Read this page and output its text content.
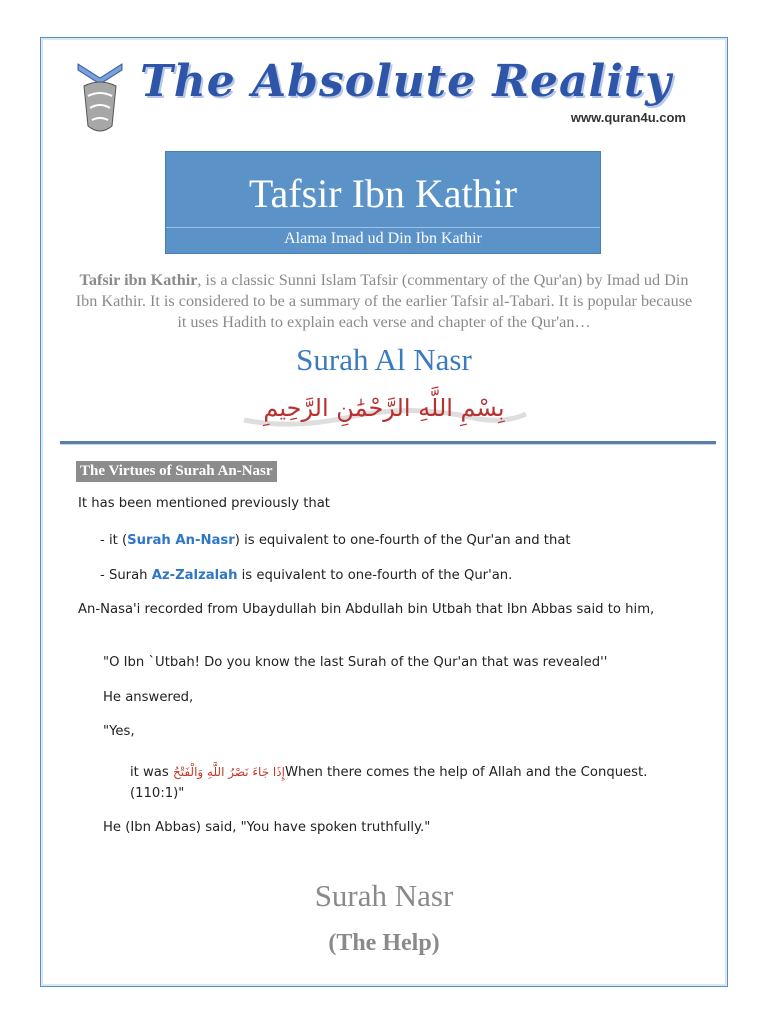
The Absolute Reality
www.quran4u.com
Tafsir Ibn Kathir
Alama Imad ud Din Ibn Kathir
Tafsir ibn Kathir, is a classic Sunni Islam Tafsir (commentary of the Qur'an) by Imad ud Din Ibn Kathir. It is considered to be a summary of the earlier Tafsir al-Tabari. It is popular because it uses Hadith to explain each verse and chapter of the Qur'an…
Surah Al Nasr
بِسْمِ اللَّهِ الرَّحْمَٰنِ الرَّحِيمِ
The Virtues of Surah An-Nasr
It has been mentioned previously that
- it (Surah An-Nasr) is equivalent to one-fourth of the Qur'an and that
- Surah Az-Zalzalah is equivalent to one-fourth of the Qur'an.
An-Nasa'i recorded from Ubaydullah bin Abdullah bin Utbah that Ibn Abbas said to him,
"O Ibn `Utbah! Do you know the last Surah of the Qur'an that was revealed''
He answered,
"Yes,
it was إِذَا جَاءَ نَصْرُ اللَّهِ وَالْفَتْحُWhen there comes the help of Allah and the Conquest.
(110:1)"
He (Ibn Abbas) said, "You have spoken truthfully."
Surah Nasr
(The Help)
